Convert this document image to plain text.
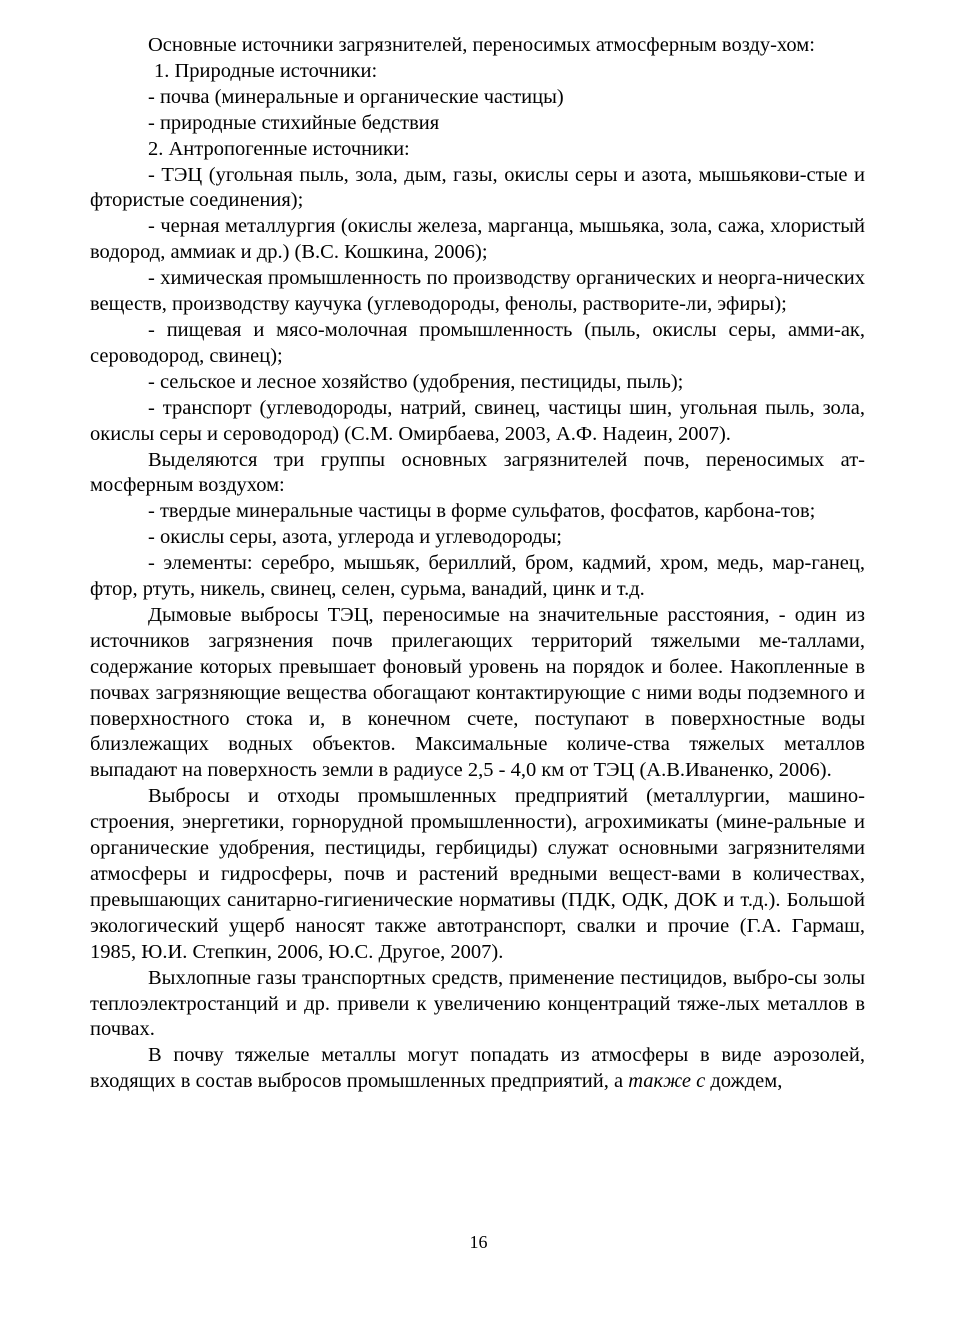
Основные источники загрязнителей, переносимых атмосферным возду-хом:

1. Природные источники:

- почва (минеральные и органические частицы)

- природные стихийные бедствия

2. Антропогенные источники:

- ТЭЦ (угольная пыль, зола, дым, газы, окислы серы и азота, мышьякови-стые и фтористые соединения);

- черная металлургия (окислы железа, марганца, мышьяка, зола, сажа, хлористый водород, аммиак и др.) (В.С. Кошкина, 2006);

- химическая промышленность по производству органических и неорга-нических веществ, производству каучука (углеводороды, фенолы, растворите-ли, эфиры);

- пищевая и мясо-молочная промышленность (пыль, окислы серы, амми-ак, сероводород, свинец);

- сельское и лесное хозяйство (удобрения, пестициды, пыль);

- транспорт (углеводороды, натрий, свинец, частицы шин, угольная пыль, зола, окислы серы и сероводород) (С.М. Омирбаева, 2003, А.Ф. Надеин, 2007).

Выделяются три группы основных загрязнителей почв, переносимых ат-мосферным воздухом:

- твердые минеральные частицы в форме сульфатов, фосфатов, карбона-тов;

- окислы серы, азота, углерода и углеводороды;

- элементы: серебро, мышьяк, бериллий, бром, кадмий, хром, медь, мар-ганец, фтор, ртуть, никель, свинец, селен, сурьма, ванадий, цинк и т.д.

Дымовые выбросы ТЭЦ, переносимые на значительные расстояния, - один из источников загрязнения почв прилегающих территорий тяжелыми ме-таллами, содержание которых превышает фоновый уровень на порядок и более. Накопленные в почвах загрязняющие вещества обогащают контактирующие с ними воды подземного и поверхностного стока и, в конечном счете, поступают в поверхностные воды близлежащих водных объектов. Максимальные количе-ства тяжелых металлов выпадают на поверхность земли в радиусе 2,5 - 4,0 км от ТЭЦ (А.В.Иваненко, 2006).

Выбросы и отходы промышленных предприятий (металлургии, машино-строения, энергетики, горнорудной промышленности), агрохимикаты (мине-ральные и органические удобрения, пестициды, гербициды) служат основными загрязнителями атмосферы и гидросферы, почв и растений вредными вещест-вами в количествах, превышающих санитарно-гигиенические нормативы (ПДК, ОДК, ДОК и т.д.). Большой экологический ущерб наносят также автотранспорт, свалки и прочие (Г.А. Гармаш, 1985, Ю.И. Степкин, 2006, Ю.С. Другое, 2007).

Выхлопные газы транспортных средств, применение пестицидов, выбро-сы золы теплоэлектростанций и др. привели к увеличению концентраций тяже-лых металлов в почвах.

В почву тяжелые металлы могут попадать из атмосферы в виде аэрозолей, входящих в состав выбросов промышленных предприятий, а также с дождем,

16
